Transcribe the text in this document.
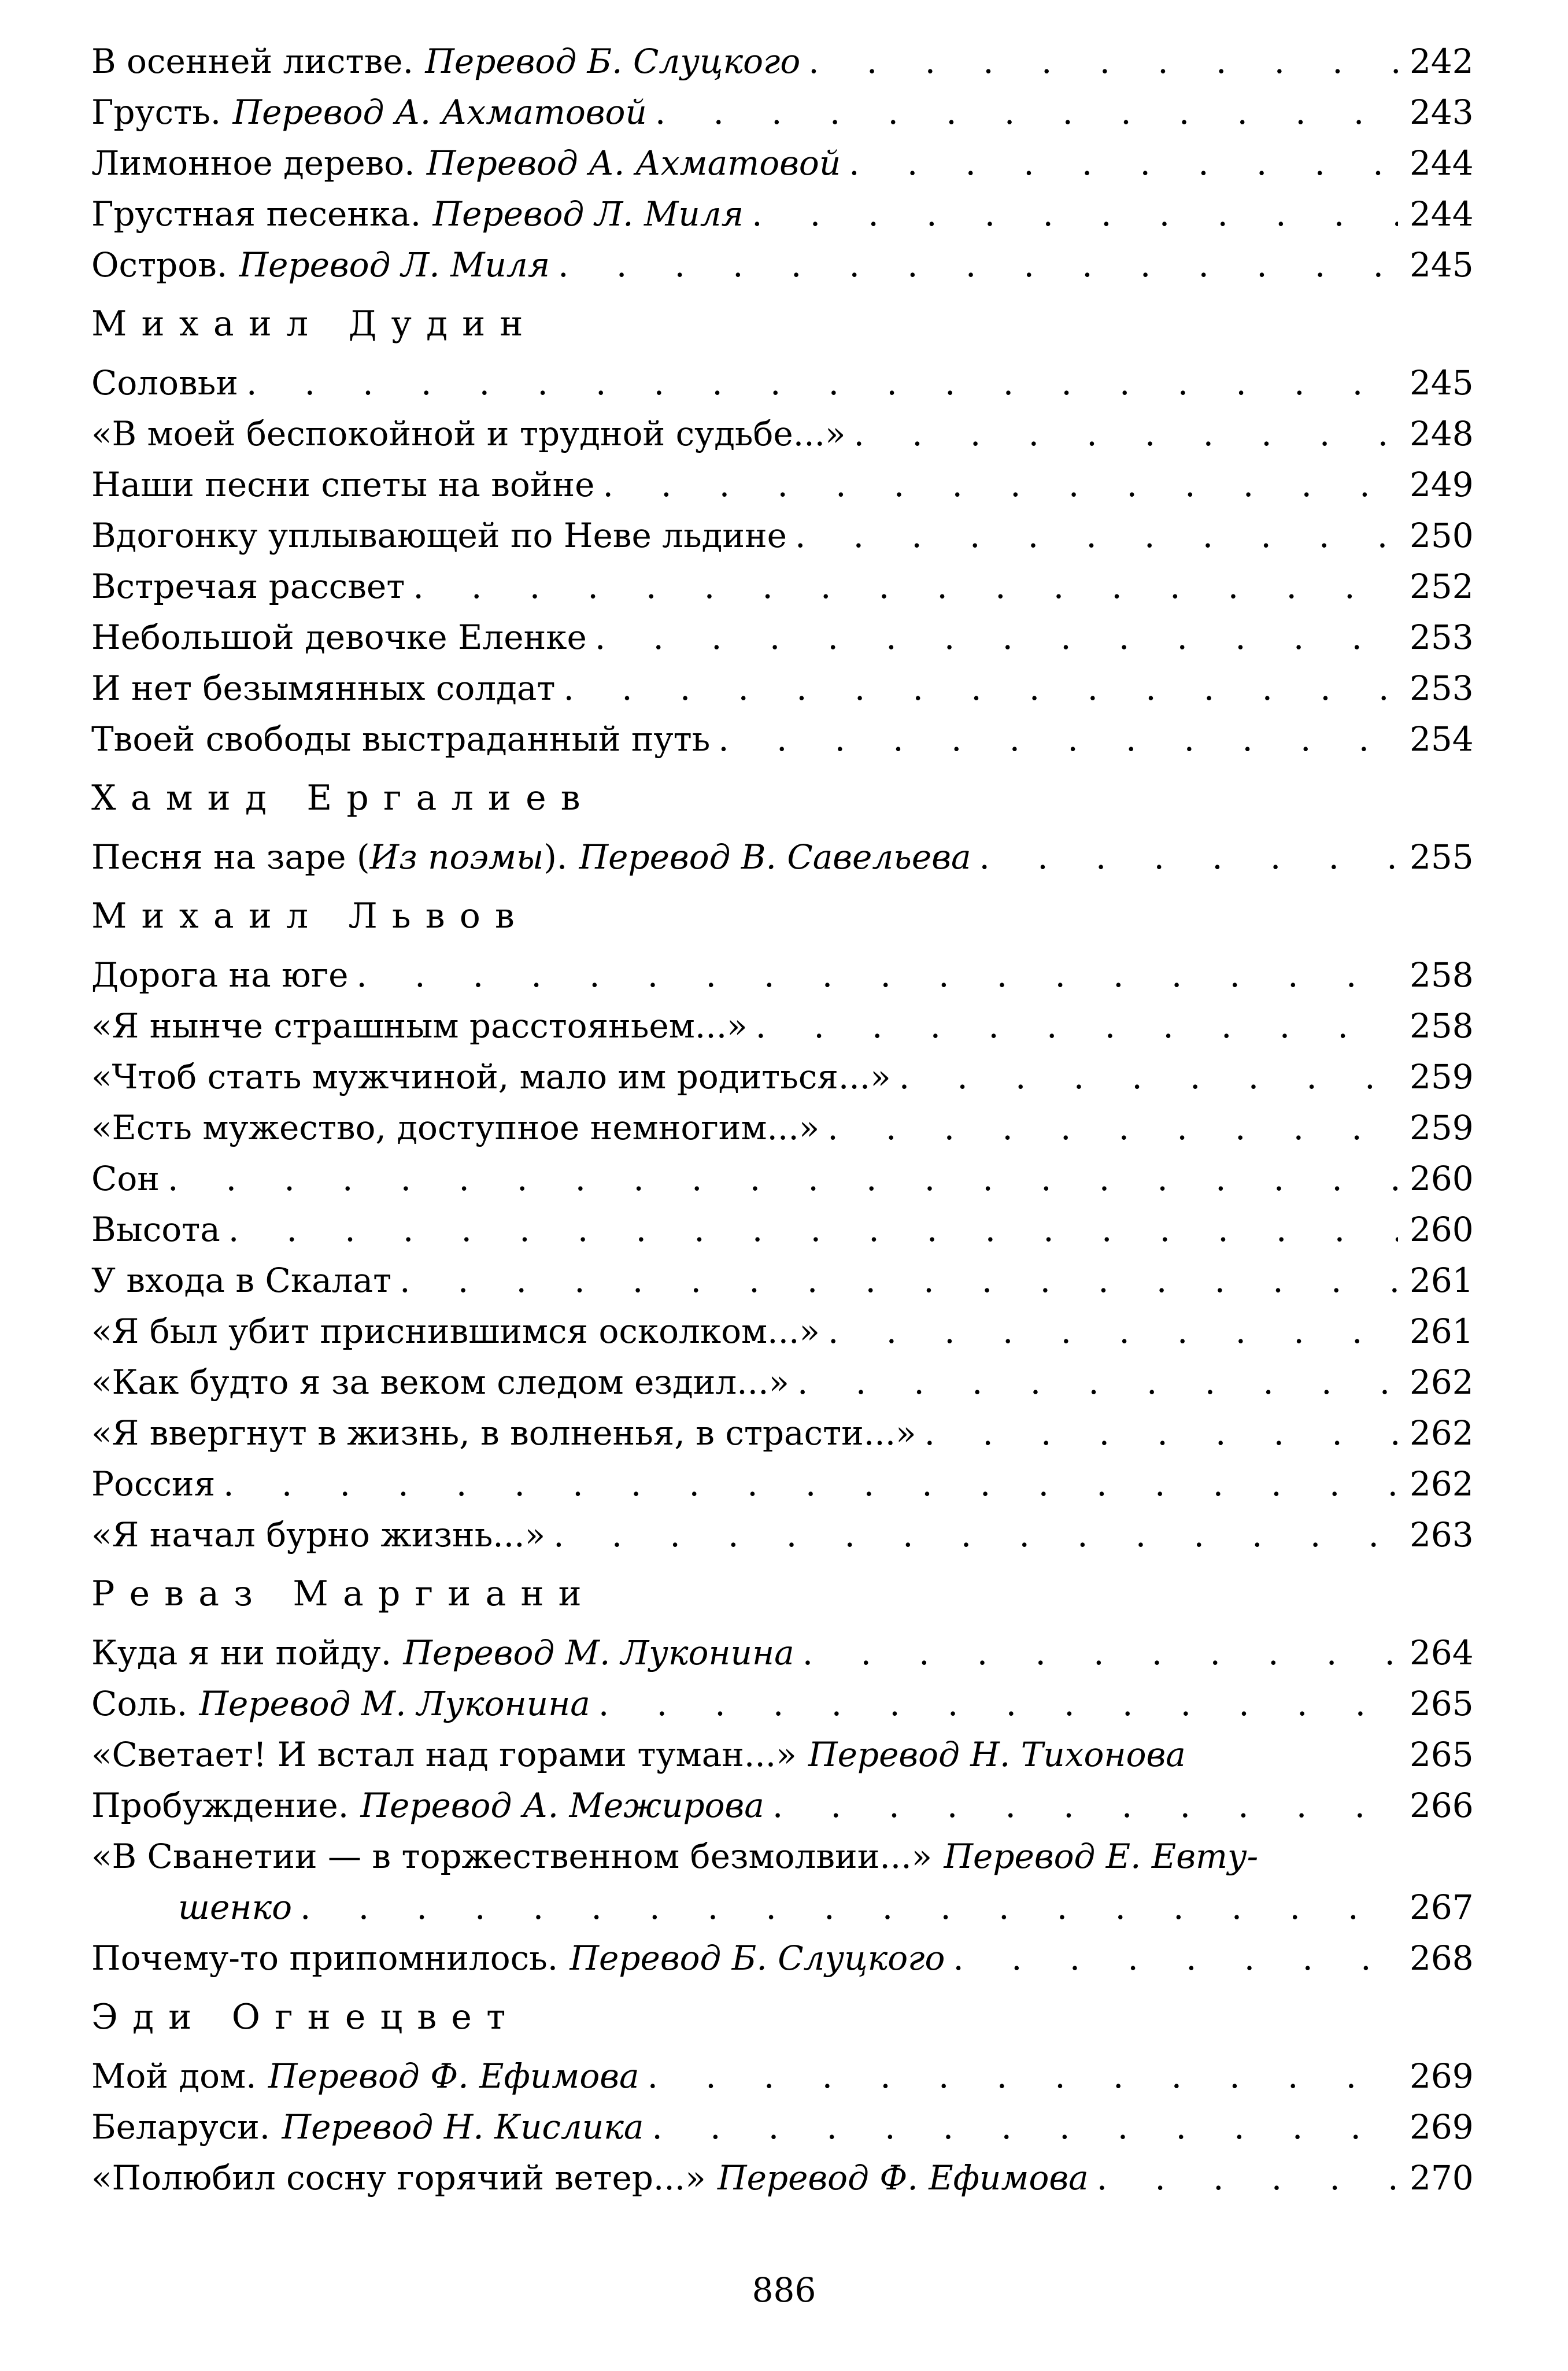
В осенней листве. Перевод Б. Слуцкого . . .	242
Грусть. Перевод А. Ахматовой . . .	243
Лимонное дерево. Перевод А. Ахматовой . . .	244
Грустная песенка. Перевод Л. Миля . . .	244
Остров. Перевод Л. Миля . . .	245
Михаил Дудин
Соловьи . . .	245
«В моей беспокойной и трудной судьбе...» . . .	248
Наши песни спеты на войне . . .	249
Вдогонку уплывающей по Неве льдине . . .	250
Встречая рассвет . . .	252
Небольшой девочке Еленке . . .	253
И нет безымянных солдат . . .	253
Твоей свободы выстраданный путь . . .	254
Хамид Ергалиев
Песня на заре (Из поэмы). Перевод В. Савельева . . .	255
Михаил Львов
Дорога на юге . . .	258
«Я нынче страшным расстояньем...» . . .	258
«Чтоб стать мужчиной, мало им родиться...» . . .	259
«Есть мужество, доступное немногим...» . . .	259
Сон . . .	260
Высота . . .	260
У входа в Скалат . . .	261
«Я был убит приснившимся осколком...» . . .	261
«Как будто я за веком следом ездил...» . . .	262
«Я ввергнут в жизнь, в волненья, в страсти...» . . .	262
Россия . . .	262
«Я начал бурно жизнь...» . . .	263
Реваз Маргиани
Куда я ни пойду. Перевод М. Луконина . . .	264
Соль. Перевод М. Луконина . . .	265
«Светает! И встал над горами туман...» Перевод Н. Тихонова	265
Пробуждение. Перевод А. Межирова . . .	266
«В Сванетии — в торжественном безмолвии...» Перевод Е. Евту-
шенко . . .	267
Почему-то припомнилось. Перевод Б. Слуцкого . . .	268
Эди Огнецвет
Мой дом. Перевод Ф. Ефимова . . .	269
Беларуси. Перевод Н. Кислика . . .	269
«Полюбил сосну горячий ветер...» Перевод Ф. Ефимова . . .	270
886
